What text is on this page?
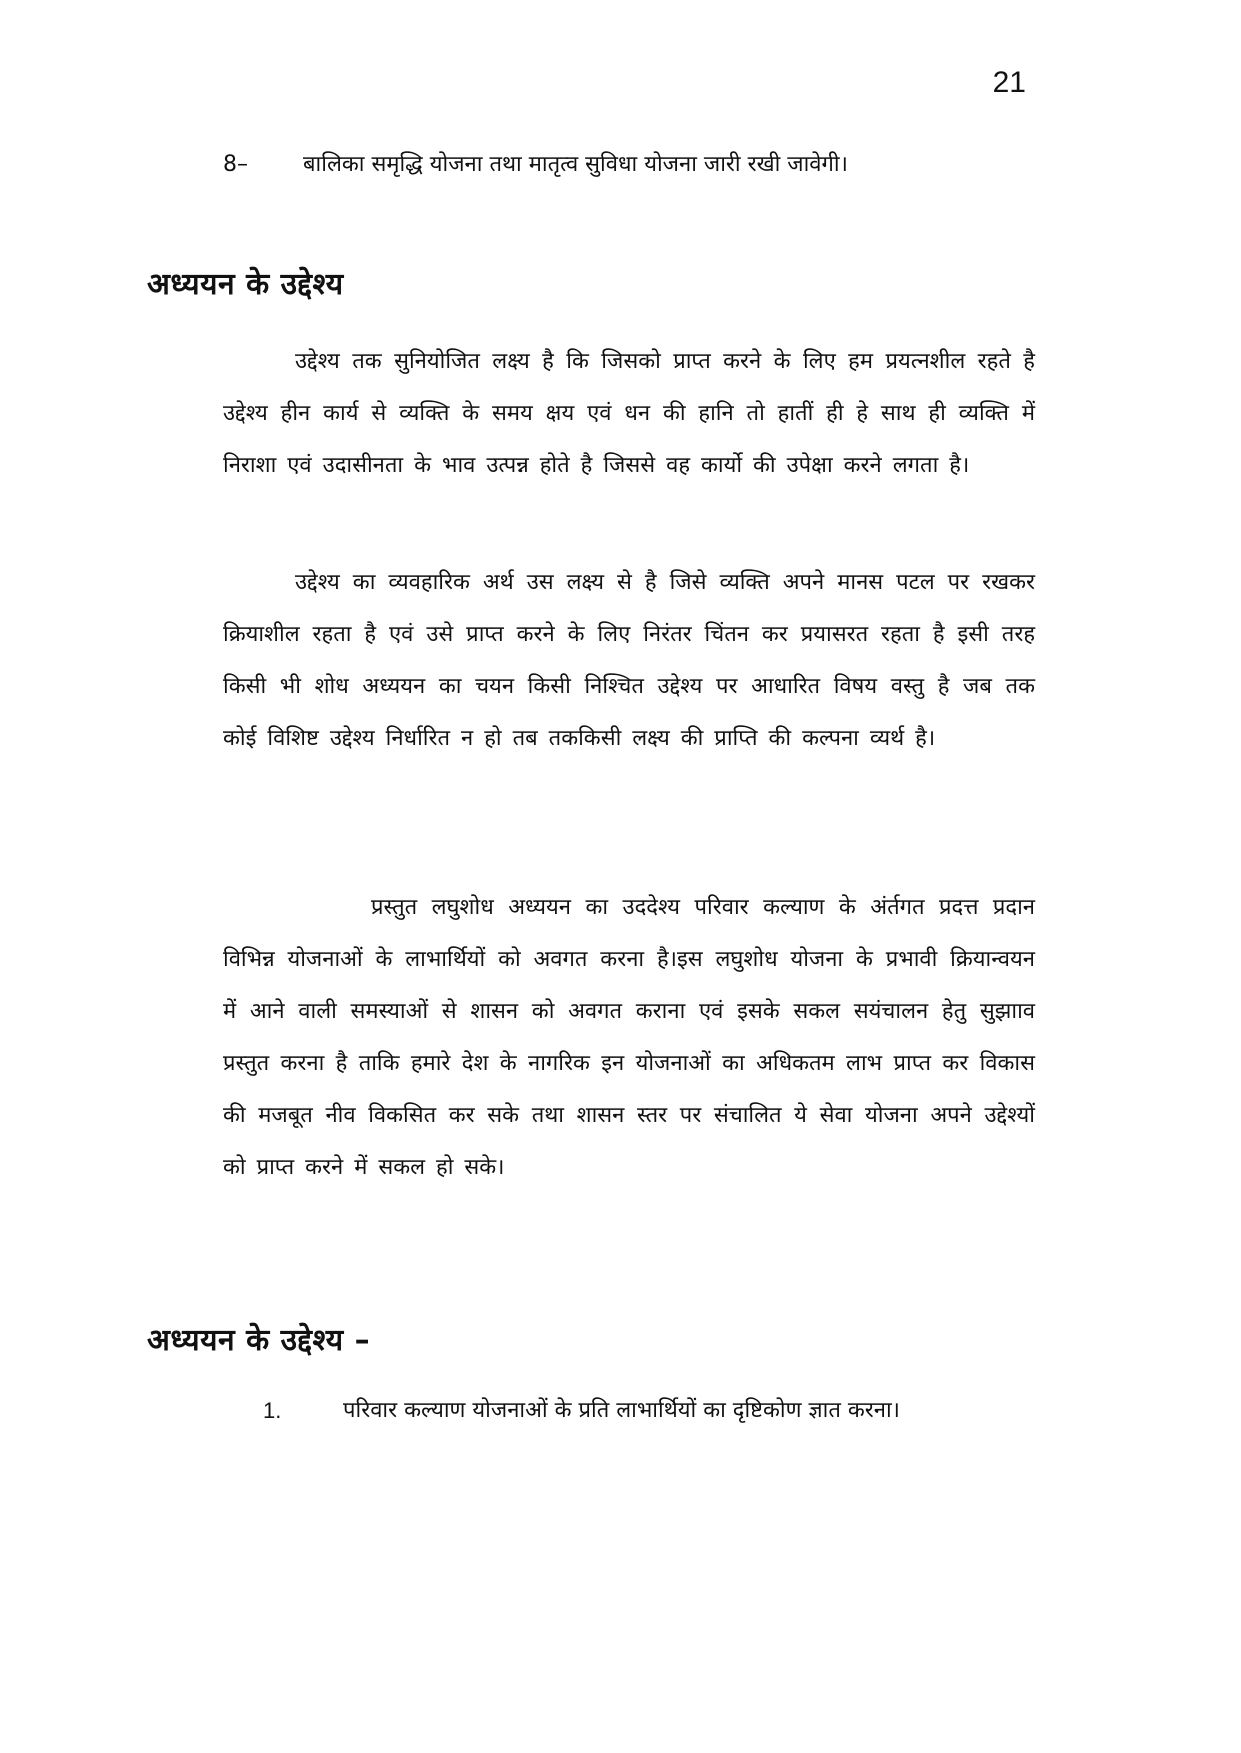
21
8–	बालिका समृद्धि योजना तथा मातृत्व सुविधा योजना जारी रखी जावेगी।
अध्ययन के उद्देश्य

उद्देश्य तक सुनियोजित लक्ष्य है कि जिसको प्राप्त करने के लिए हम प्रयत्नशील रहते है उद्देश्य हीन कार्य से व्यक्ति के समय क्षय एवं धन की हानि तो हातीं ही हे साथ ही व्यक्ति में निराशा एवं उदासीनता के भाव उत्पन्न होते है जिससे वह कार्यो की उपेक्षा करने लगता है।

उद्देश्य का व्यवहारिक अर्थ उस लक्ष्य से है जिसे व्यक्ति अपने मानस पटल पर रखकर क्रियाशील रहता है एवं उसे प्राप्त करने के लिए निरंतर चिंतन कर प्रयासरत रहता है इसी तरह किसी भी शोध अध्ययन का चयन किसी निश्चित उद्देश्य पर आधारित विषय वस्तु है जब तक कोई विशिष्ट उद्देश्य निर्धारित न हो तब तककिसी लक्ष्य की प्राप्ति की कल्पना व्यर्थ है।

प्रस्तुत लघुशोध अध्ययन का उददेश्य परिवार कल्याण के अंर्तगत प्रदत्त प्रदान विभिन्न योजनाओं के लाभार्थियों को अवगत करना है।इस लघुशोध योजना के प्रभावी क्रियान्वयन में आने वाली समस्याओं से शासन को अवगत कराना एवं इसके सकल सयंचालन हेतु सुझााव प्रस्तुत करना है ताकि हमारे देश के नागरिक इन योजनाओं का अधिकतम लाभ प्राप्त कर विकास की मजबूत नीव विकसित कर सके तथा शासन स्तर पर संचालित ये सेवा योजना अपने उद्देश्यों को प्राप्त करने में सकल हो सके।

अध्ययन के उद्देश्य –
1.	परिवार कल्याण योजनाओं के प्रति लाभार्थियों का दृष्टिकोण ज्ञात करना।
